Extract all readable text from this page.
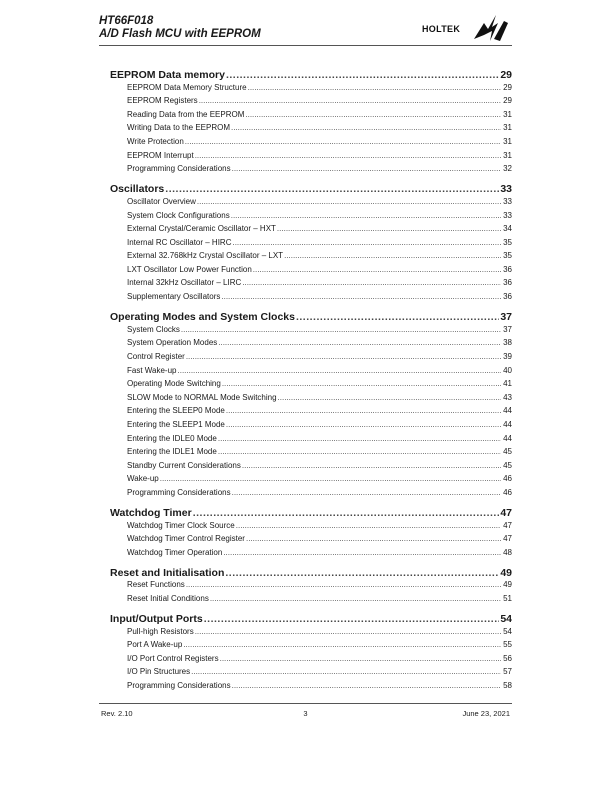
HT66F018
A/D Flash MCU with EEPROM	HOLTEK
EEPROM Data memory .....	29
EEPROM Data Memory Structure .....	29
EEPROM Registers .....	29
Reading Data from the EEPROM .....	31
Writing Data to the EEPROM .....	31
Write Protection .....	31
EEPROM Interrupt .....	31
Programming Considerations .....	32
Oscillators .....	33
Oscillator Overview .....	33
System Clock Configurations .....	33
External Crystal/Ceramic Oscillator – HXT .....	34
Internal RC Oscillator – HIRC .....	35
External 32.768kHz Crystal Oscillator – LXT .....	35
LXT Oscillator Low Power Function .....	36
Internal 32kHz Oscillator – LIRC .....	36
Supplementary Oscillators .....	36
Operating Modes and System Clocks .....	37
System Clocks .....	37
System Operation Modes .....	38
Control Register .....	39
Fast Wake-up .....	40
Operating Mode Switching .....	41
SLOW Mode to NORMAL Mode Switching .....	43
Entering the SLEEP0 Mode .....	44
Entering the SLEEP1 Mode .....	44
Entering the IDLE0 Mode .....	44
Entering the IDLE1 Mode .....	45
Standby Current Considerations .....	45
Wake-up .....	46
Programming Considerations .....	46
Watchdog Timer .....	47
Watchdog Timer Clock Source .....	47
Watchdog Timer Control Register .....	47
Watchdog Timer Operation .....	48
Reset and Initialisation .....	49
Reset Functions .....	49
Reset Initial Conditions .....	51
Input/Output Ports .....	54
Pull-high Resistors .....	54
Port A Wake-up .....	55
I/O Port Control Registers .....	56
I/O Pin Structures .....	57
Programming Considerations .....	58
Rev. 2.10	3	June 23, 2021
